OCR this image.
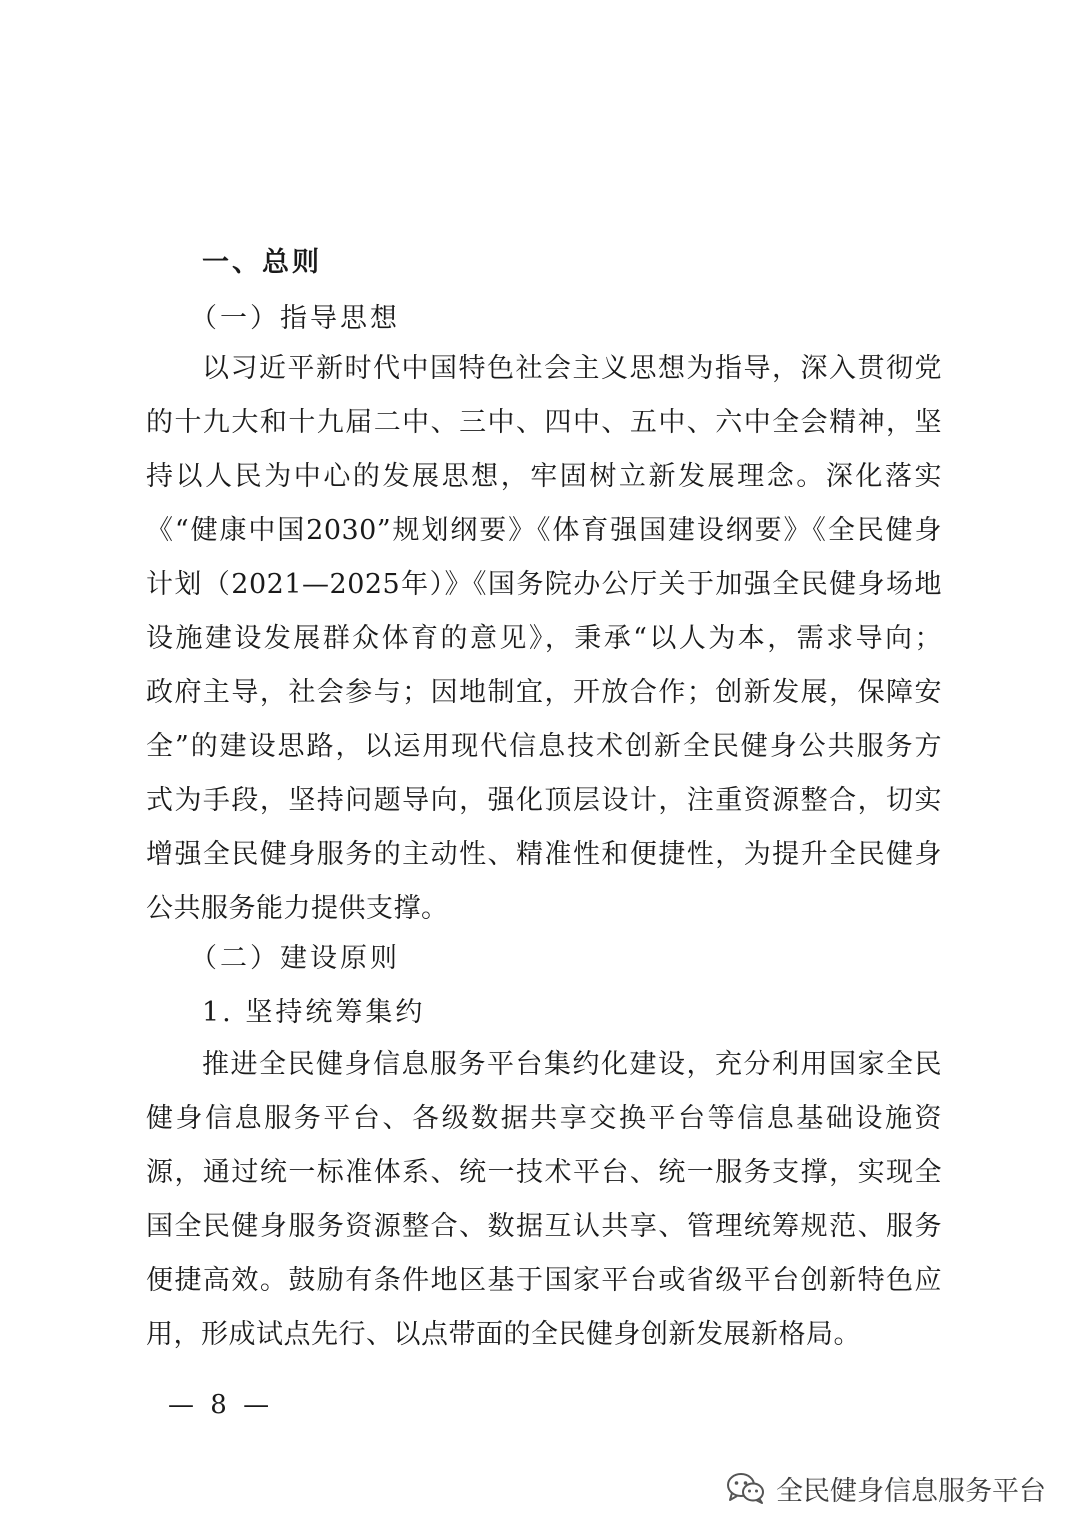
一、总则
（一）指导思想
以习近平新时代中国特色社会主义思想为指导，深入贯彻党
的十九大和十九届二中、三中、四中、五中、六中全会精神，坚
持以人民为中心的发展思想，牢固树立新发展理念。深化落实
《“健康中国2030”规划纲要》《体育强国建设纲要》《全民健身
计划（2021—2025年）》《国务院办公厅关于加强全民健身场地
设施建设发展群众体育的意见》，秉承“以人为本，需求导向；
政府主导，社会参与；因地制宜，开放合作；创新发展，保障安
全”的建设思路，以运用现代信息技术创新全民健身公共服务方
式为手段，坚持问题导向，强化顶层设计，注重资源整合，切实
增强全民健身服务的主动性、精准性和便捷性，为提升全民健身
公共服务能力提供支撑。
（二）建设原则
1. 坚持统筹集约
推进全民健身信息服务平台集约化建设，充分利用国家全民
健身信息服务平台、各级数据共享交换平台等信息基础设施资
源，通过统一标准体系、统一技术平台、统一服务支撑，实现全
国全民健身服务资源整合、数据互认共享、管理统筹规范、服务
便捷高效。鼓励有条件地区基于国家平台或省级平台创新特色应
用，形成试点先行、以点带面的全民健身创新发展新格局。
— 8 —
全民健身信息服务平台
